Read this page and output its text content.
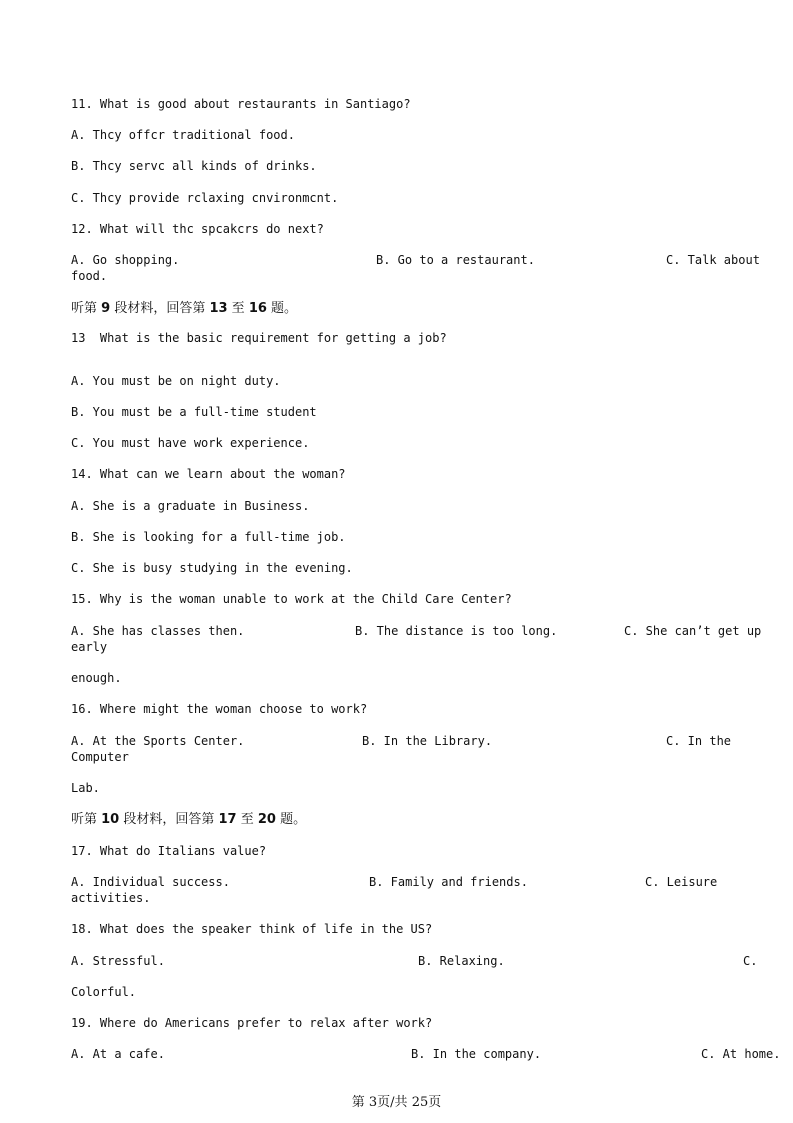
11. What is good about restaurants in Santiago?
A. Thcy offcr traditional food.
B. Thcy servc all kinds of drinks.
C. Thcy provide rclaxing cnvironmcnt.
12. What will thc spcakcrs do next?
A. Go shopping.	B. Go to a restaurant.	C. Talk about
food.
听第 9 段材料，回答第 13 至 16 题。
13  What is the basic requirement for getting a job?
A. You must be on night duty.
B. You must be a full-time student
C. You must have work experience.
14. What can we learn about the woman?
A. She is a graduate in Business.
B. She is looking for a full-time job.
C. She is busy studying in the evening.
15. Why is the woman unable to work at the Child Care Center?
A. She has classes then.	B. The distance is too long.	C. She can’t get up
early
enough.
16. Where might the woman choose to work?
A. At the Sports Center.	B. In the Library.	C. In the
Computer
Lab.
听第 10 段材料，回答第 17 至 20 题。
17. What do Italians value?
A. Individual success.	B. Family and friends.	C. Leisure
activities.
18. What does the speaker think of life in the US?
A. Stressful.	B. Relaxing.	C.
Colorful.
19. Where do Americans prefer to relax after work?
A. At a cafe.	B. In the company.	C. At home.
第 3页/共 25页
